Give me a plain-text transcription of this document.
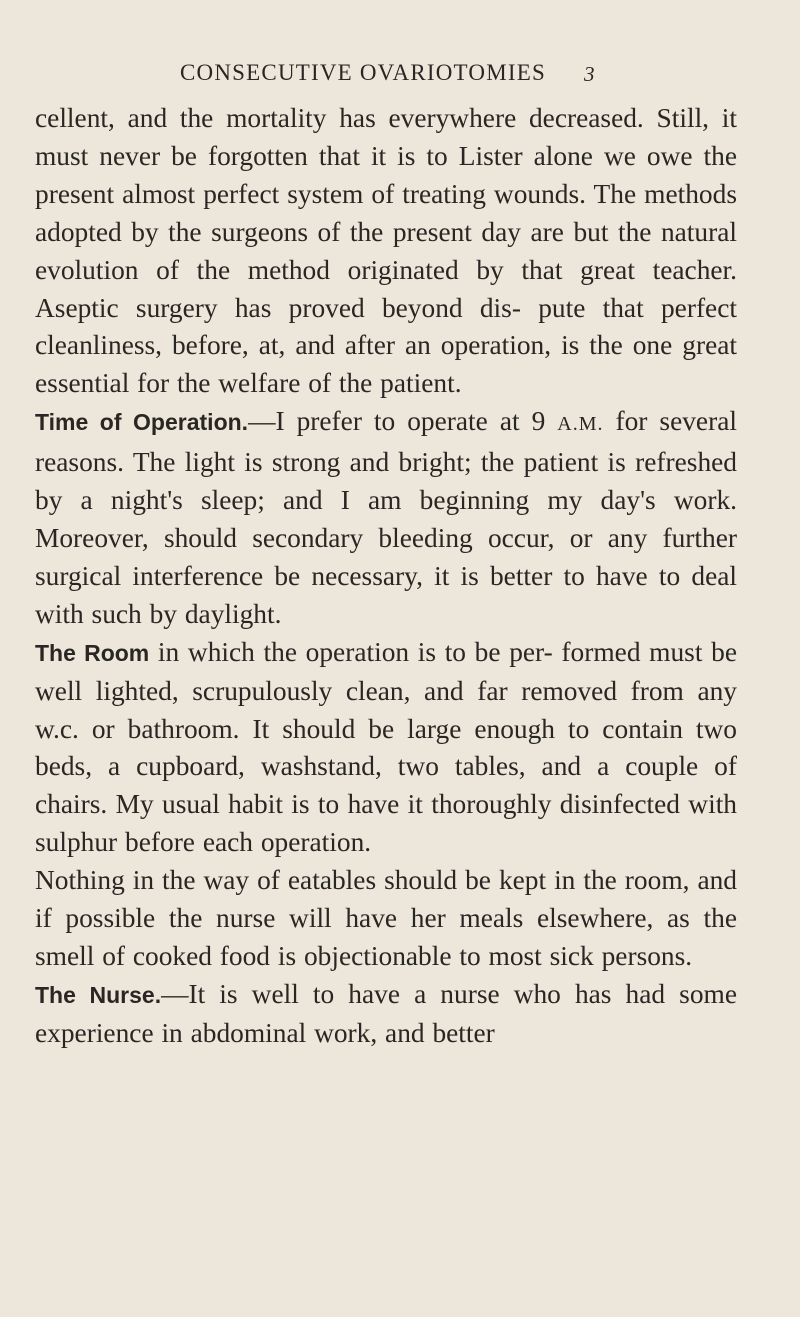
CONSECUTIVE OVARIOTOMIES 3

cellent, and the mortality has everywhere decreased. Still, it must never be forgotten that it is to Lister alone we owe the present almost perfect system of treating wounds. The methods adopted by the surgeons of the present day are but the natural evolution of the method originated by that great teacher. Aseptic surgery has proved beyond dis- pute that perfect cleanliness, before, at, and after an operation, is the one great essential for the welfare of the patient.

Time of Operation.—I prefer to operate at 9 A.M. for several reasons. The light is strong and bright; the patient is refreshed by a night's sleep; and I am beginning my day's work. Moreover, should secondary bleeding occur, or any further surgical interference be necessary, it is better to have to deal with such by daylight.

The Room in which the operation is to be per- formed must be well lighted, scrupulously clean, and far removed from any w.c. or bathroom. It should be large enough to contain two beds, a cupboard, washstand, two tables, and a couple of chairs. My usual habit is to have it thoroughly disinfected with sulphur before each operation.

Nothing in the way of eatables should be kept in the room, and if possible the nurse will have her meals elsewhere, as the smell of cooked food is objectionable to most sick persons.

The Nurse.—It is well to have a nurse who has had some experience in abdominal work, and better
